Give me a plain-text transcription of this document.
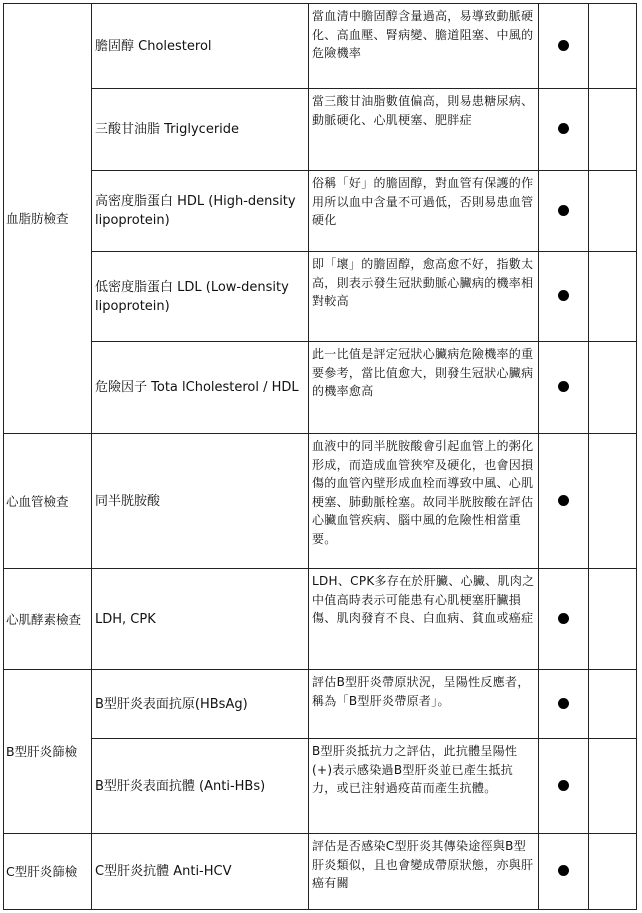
血脂肪檢查	膽固醇 Cholesterol	當血清中膽固醇含量過高，易導致動脈硬化、高血壓、腎病變、膽道阻塞、中風的危險機率		
	三酸甘油脂 Triglyceride	當三酸甘油脂數值偏高，則易患糖尿病、動脈硬化、心肌梗塞、肥胖症		
	高密度脂蛋白 HDL (High-density lipoprotein)	俗稱「好」的膽固醇，對血管有保護的作用所以血中含量不可過低，否則易患血管硬化		
	低密度脂蛋白 LDL (Low-density lipoprotein)	即「壞」的膽固醇，愈高愈不好，指數太高，則表示發生冠狀動脈心臟病的機率相對較高		
	危險因子 Tota lCholesterol / HDL	此一比值是評定冠狀心臟病危險機率的重要參考，當比值愈大，則發生冠狀心臟病的機率愈高		
心血管檢查	同半胱胺酸	血液中的同半胱胺酸會引起血管上的粥化形成，而造成血管狹窄及硬化，也會因損傷的血管內壁形成血栓而導致中風、心肌梗塞、肺動脈栓塞。故同半胱胺酸在評估心臟血管疾病、腦中風的危險性相當重要。		
心肌酵素檢查	LDH, CPK	LDH、CPK多存在於肝臟、心臟、肌肉之中值高時表示可能患有心肌梗塞肝臟損傷、肌肉發育不良、白血病、貧血或癌症		
B型肝炎篩檢	B型肝炎表面抗原(HBsAg)	評估B型肝炎帶原狀況，呈陽性反應者，稱為「B型肝炎帶原者」。		
	B型肝炎表面抗體 (Anti-HBs)	B型肝炎抵抗力之評估，此抗體呈陽性(+)表示感染過B型肝炎並已產生抵抗力，或已注射過疫苗而產生抗體。		
C型肝炎篩檢	C型肝炎抗體 Anti-HCV	評估是否感染C型肝炎其傳染途徑與B型肝炎類似，且也會變成帶原狀態，亦與肝癌有關		
